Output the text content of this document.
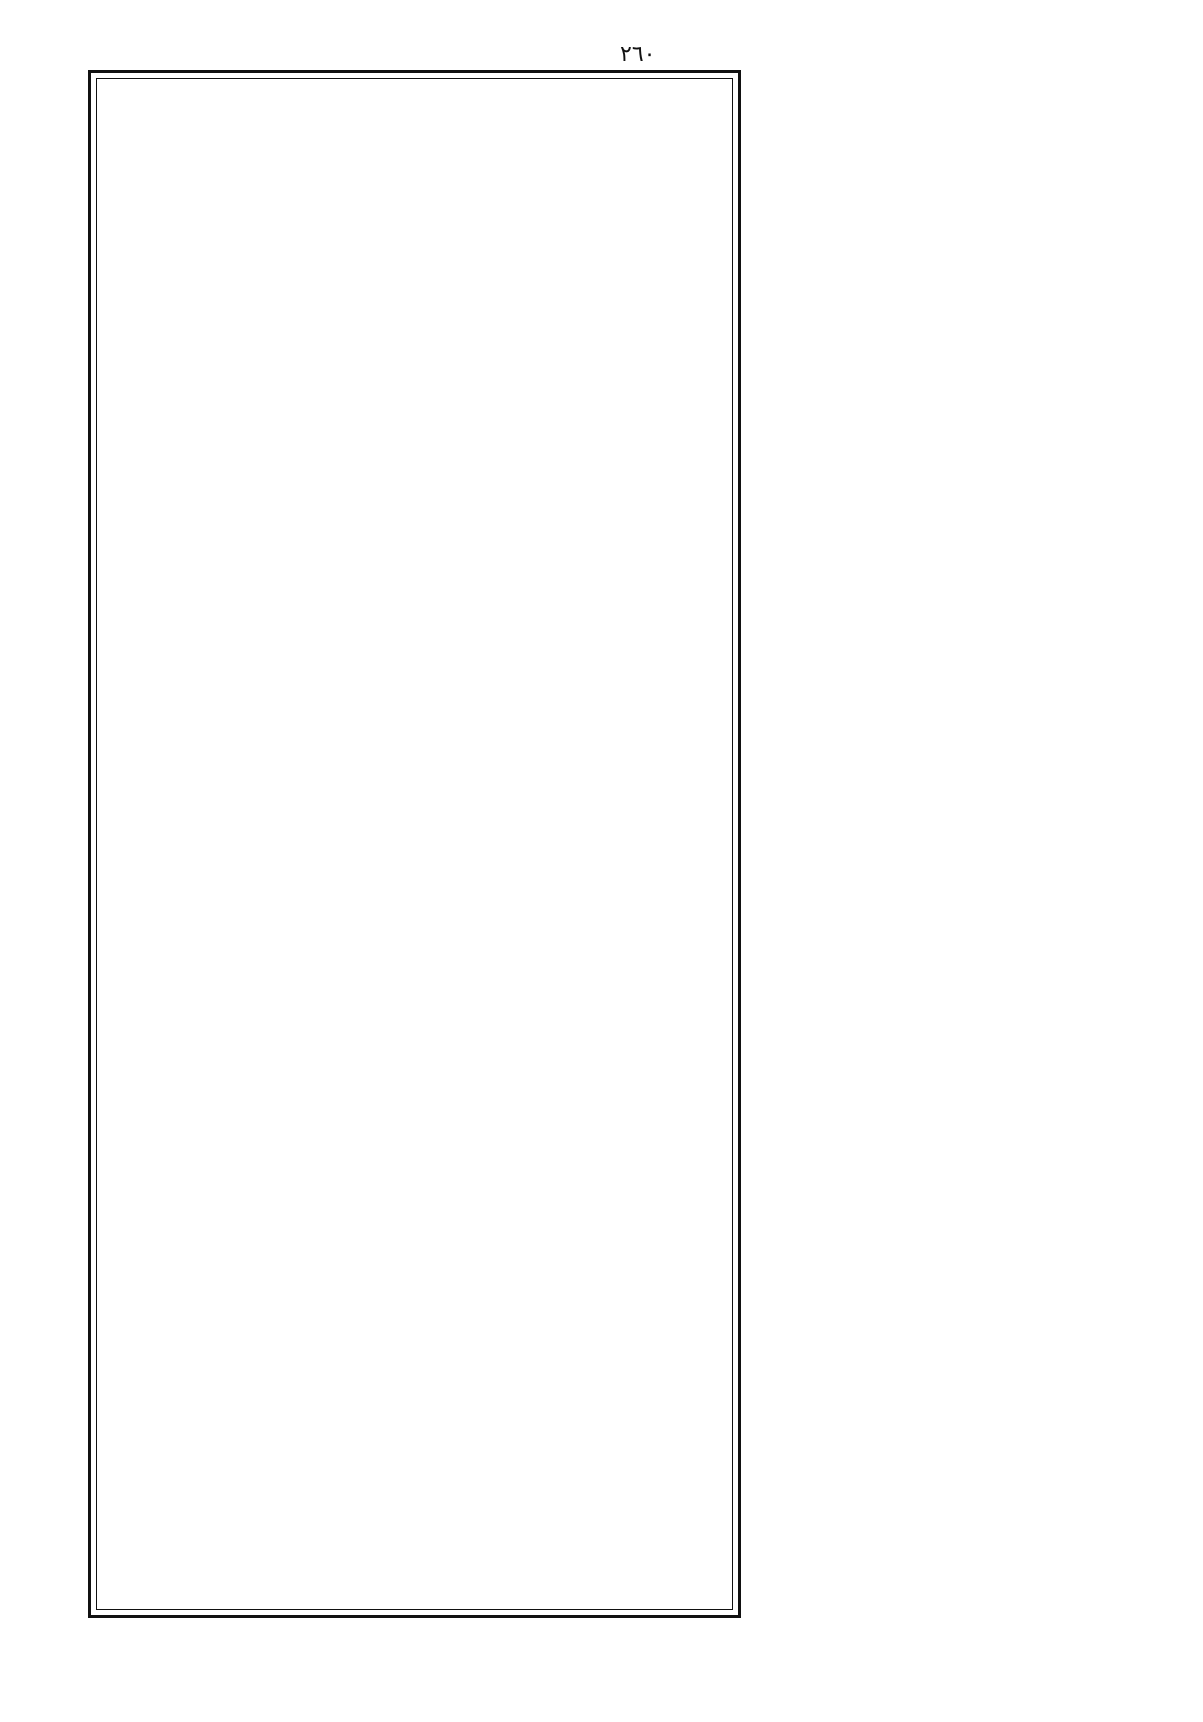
٢٦٠
